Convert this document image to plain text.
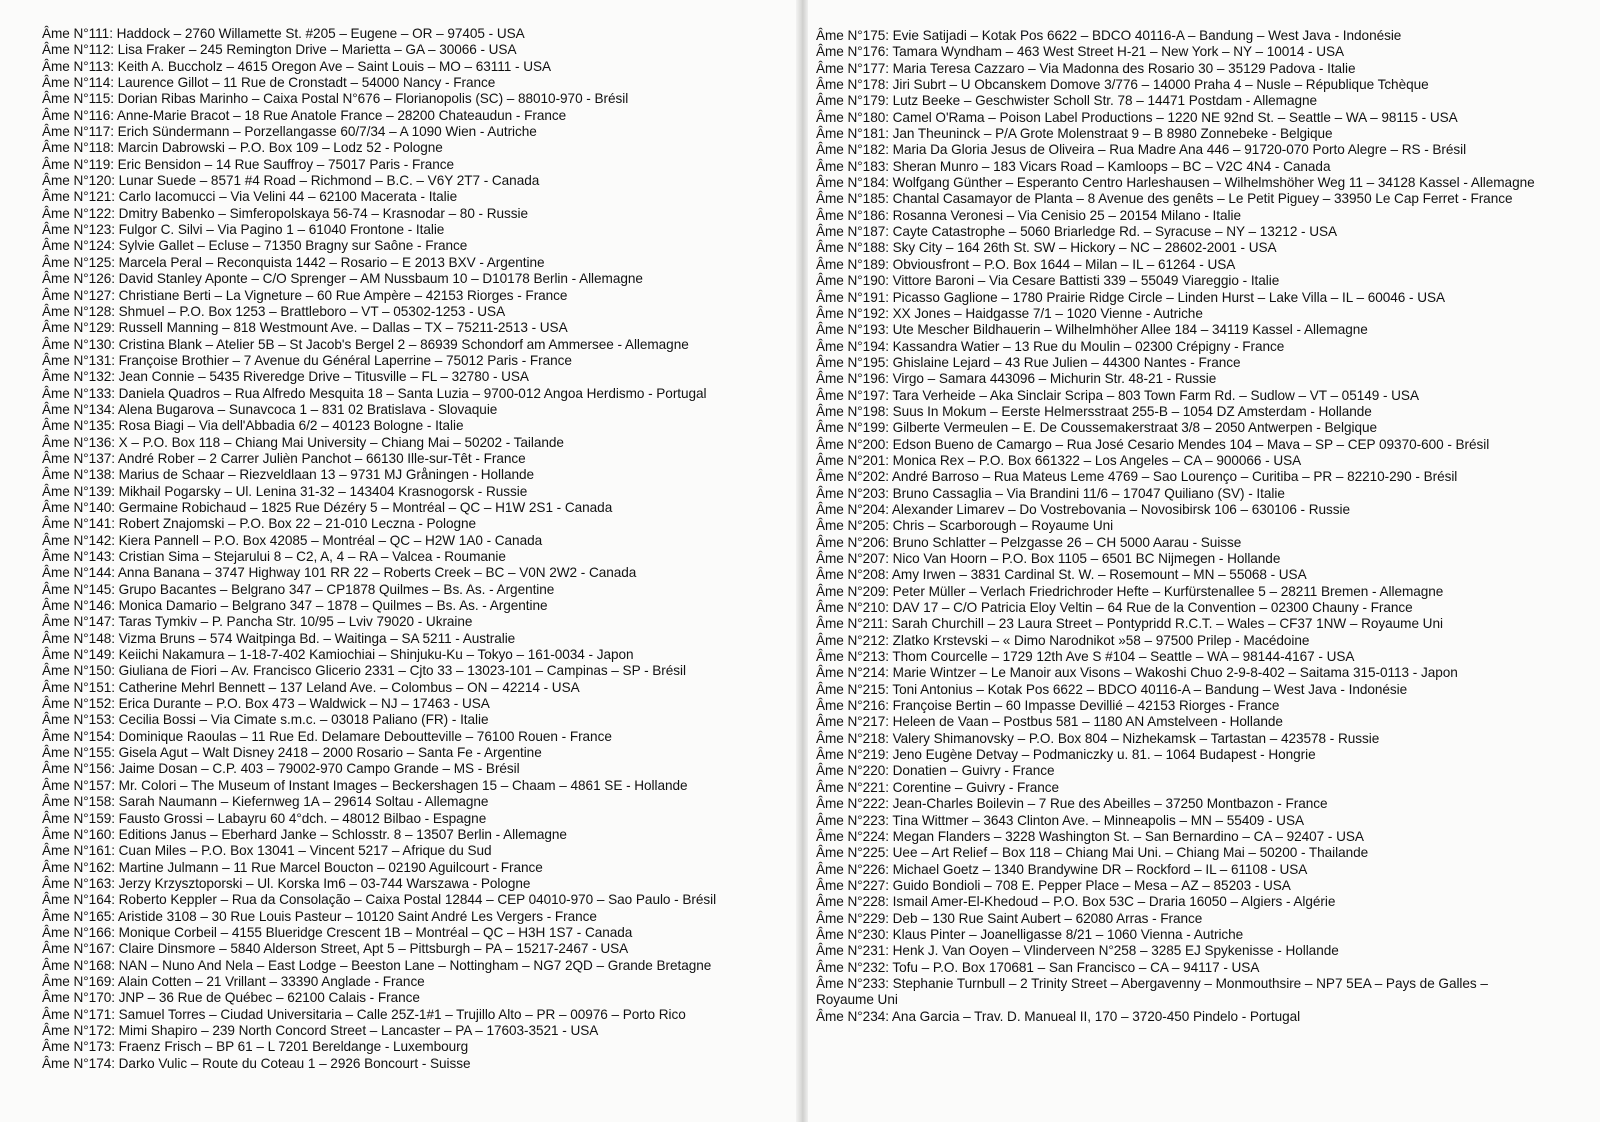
Âme N°111: Haddock – 2760 Willamette St. #205 – Eugene – OR – 97405 - USA
Âme N°112: Lisa Fraker – 245 Remington Drive – Marietta – GA – 30066 - USA
Âme N°113: Keith A. Buccholz – 4615 Oregon Ave – Saint Louis – MO – 63111 - USA
Âme N°114: Laurence Gillot – 11 Rue de Cronstadt – 54000 Nancy - France
Âme N°115: Dorian Ribas Marinho – Caixa Postal N°676 – Florianopolis (SC) – 88010-970 - Brésil
Âme N°116: Anne-Marie Bracot – 18 Rue Anatole France – 28200 Chateaudun - France
Âme N°117: Erich Sündermann – Porzellangasse 60/7/34 – A 1090 Wien - Autriche
Âme N°118: Marcin Dabrowski – P.O. Box 109 – Lodz 52 - Pologne
Âme N°119: Eric Bensidon – 14 Rue Sauffroy – 75017 Paris - France
Âme N°120: Lunar Suede – 8571 #4 Road – Richmond – B.C. – V6Y 2T7 - Canada
Âme N°121: Carlo Iacomucci – Via Velini 44 – 62100 Macerata - Italie
Âme N°122: Dmitry Babenko – Simferopolskaya 56-74 – Krasnodar – 80 - Russie
Âme N°123: Fulgor C. Silvi – Via Pagino 1 – 61040 Frontone - Italie
Âme N°124: Sylvie Gallet – Ecluse – 71350 Bragny sur Saône - France
Âme N°125: Marcela Peral – Reconquista 1442 – Rosario – E 2013 BXV - Argentine
Âme N°126: David Stanley Aponte – C/O Sprenger – AM Nussbaum 10 – D10178 Berlin - Allemagne
Âme N°127: Christiane Berti – La Vigneture – 60 Rue Ampère – 42153 Riorges - France
Âme N°128: Shmuel – P.O. Box 1253 – Brattleboro – VT – 05302-1253 - USA
Âme N°129: Russell Manning – 818 Westmount Ave. – Dallas – TX – 75211-2513 - USA
Âme N°130: Cristina Blank – Atelier 5B – St Jacob's Bergel 2 – 86939 Schondorf am Ammersee - Allemagne
Âme N°131: Françoise Brothier – 7 Avenue du Général Laperrine – 75012 Paris - France
Âme N°132: Jean Connie – 5435 Riveredge Drive – Titusville – FL – 32780 - USA
Âme N°133: Daniela Quadros – Rua Alfredo Mesquita 18 – Santa Luzia – 9700-012 Angoa Herdismo - Portugal
Âme N°134: Alena Bugarova – Sunavcoca 1 – 831 02 Bratislava - Slovaquie
Âme N°135: Rosa Biagi – Via dell'Abbadia 6/2 – 40123 Bologne - Italie
Âme N°136: X – P.O. Box 118 – Chiang Mai University – Chiang Mai – 50202 - Tailande
Âme N°137: André Rober – 2 Carrer Julièn Panchot – 66130 Ille-sur-Têt - France
Âme N°138: Marius de Schaar – Riezveldlaan 13 – 9731 MJ Gråningen - Hollande
Âme N°139: Mikhail Pogarsky – Ul. Lenina 31-32 – 143404 Krasnogorsk - Russie
Âme N°140: Germaine Robichaud – 1825 Rue Dézéry 5 – Montréal – QC – H1W 2S1 - Canada
Âme N°141: Robert Znajomski – P.O. Box 22 – 21-010 Leczna - Pologne
Âme N°142: Kiera Pannell – P.O. Box 42085 – Montréal – QC – H2W 1A0 - Canada
Âme N°143: Cristian Sima – Stejarului 8 – C2, A, 4 – RA – Valcea - Roumanie
Âme N°144: Anna Banana – 3747 Highway 101 RR 22 – Roberts Creek – BC – V0N 2W2 - Canada
Âme N°145: Grupo Bacantes – Belgrano 347 – CP1878 Quilmes – Bs. As. - Argentine
Âme N°146: Monica Damario – Belgrano 347 – 1878 – Quilmes – Bs. As. - Argentine
Âme N°147: Taras Tymkiv – P. Pancha Str. 10/95 – Lviv 79020 - Ukraine
Âme N°148: Vizma Bruns – 574 Waitpinga Bd. – Waitinga – SA 5211 - Australie
Âme N°149: Keiichi Nakamura – 1-18-7-402 Kamiochiai – Shinjuku-Ku – Tokyo – 161-0034 - Japon
Âme N°150: Giuliana de Fiori – Av. Francisco Glicerio 2331 – Cjto 33 – 13023-101 – Campinas – SP - Brésil
Âme N°151: Catherine Mehrl Bennett – 137 Leland Ave. – Colombus – ON – 42214 - USA
Âme N°152: Erica Durante – P.O. Box 473 – Waldwick – NJ – 17463 - USA
Âme N°153: Cecilia Bossi – Via Cimate s.m.c. – 03018 Paliano (FR) - Italie
Âme N°154: Dominique Raoulas – 11 Rue Ed. Delamare Deboutteville – 76100 Rouen - France
Âme N°155: Gisela Agut – Walt Disney 2418 – 2000 Rosario – Santa Fe - Argentine
Âme N°156: Jaime Dosan – C.P. 403 – 79002-970 Campo Grande – MS - Brésil
Âme N°157: Mr. Colori – The Museum of Instant Images – Beckershagen 15 – Chaam – 4861 SE - Hollande
Âme N°158: Sarah Naumann – Kiefernweg 1A – 29614 Soltau - Allemagne
Âme N°159: Fausto Grossi – Labayru 60 4°dch. – 48012 Bilbao - Espagne
Âme N°160: Editions Janus – Eberhard Janke – Schlosstr. 8 – 13507 Berlin - Allemagne
Âme N°161: Cuan Miles – P.O. Box 13041 – Vincent 5217 – Afrique du Sud
Âme N°162: Martine Julmann – 11 Rue Marcel Boucton – 02190 Aguilcourt - France
Âme N°163: Jerzy Krzysztoporski – Ul. Korska Im6 – 03-744 Warszawa - Pologne
Âme N°164: Roberto Keppler – Rua da Consolação – Caixa Postal 12844 – CEP 04010-970 – Sao Paulo - Brésil
Âme N°165: Aristide 3108 – 30 Rue Louis Pasteur – 10120 Saint André Les Vergers - France
Âme N°166: Monique Corbeil – 4155 Blueridge Crescent 1B – Montréal – QC – H3H 1S7 - Canada
Âme N°167: Claire Dinsmore – 5840 Alderson Street, Apt 5 – Pittsburgh – PA – 15217-2467 - USA
Âme N°168: NAN – Nuno And Nela – East Lodge – Beeston Lane – Nottingham – NG7 2QD – Grande Bretagne
Âme N°169: Alain Cotten – 21 Vrillant – 33390 Anglade - France
Âme N°170: JNP – 36 Rue de Québec – 62100 Calais - France
Âme N°171: Samuel Torres – Ciudad Universitaria – Calle 25Z-1#1 – Trujillo Alto – PR – 00976 – Porto Rico
Âme N°172: Mimi Shapiro – 239 North Concord Street – Lancaster – PA – 17603-3521 - USA
Âme N°173: Fraenz Frisch – BP 61 – L 7201 Bereldange - Luxembourg
Âme N°174: Darko Vulic – Route du Coteau 1 – 2926 Boncourt - Suisse
Âme N°175: Evie Satijadi – Kotak Pos 6622 – BDCO 40116-A – Bandung – West Java - Indonésie
Âme N°176: Tamara Wyndham – 463 West Street H-21 – New York – NY – 10014 - USA
Âme N°177: Maria Teresa Cazzaro – Via Madonna des Rosario 30 – 35129 Padova - Italie
Âme N°178: Jiri Subrt – U Obcanskem Domove 3/776 – 14000 Praha 4 – Nusle – République Tchèque
Âme N°179: Lutz Beeke – Geschwister Scholl Str. 78 – 14471 Postdam - Allemagne
Âme N°180: Camel O'Rama – Poison Label Productions – 1220 NE 92nd St. – Seattle – WA – 98115 - USA
Âme N°181: Jan Theuninck – P/A Grote Molenstraat 9 – B 8980 Zonnebeke - Belgique
Âme N°182: Maria Da Gloria Jesus de Oliveira – Rua Madre Ana 446 – 91720-070 Porto Alegre – RS - Brésil
Âme N°183: Sheran Munro – 183 Vicars Road – Kamloops – BC – V2C 4N4 - Canada
Âme N°184: Wolfgang Günther – Esperanto Centro Harleshausen – Wilhelmshöher Weg 11 – 34128 Kassel - Allemagne
Âme N°185: Chantal Casamayor de Planta – 8 Avenue des genêts – Le Petit Piguey – 33950 Le Cap Ferret - France
Âme N°186: Rosanna Veronesi – Via Cenisio 25 – 20154 Milano - Italie
Âme N°187: Cayte Catastrophe – 5060 Briarledge Rd. – Syracuse – NY – 13212 - USA
Âme N°188: Sky City – 164 26th St. SW – Hickory – NC – 28602-2001 - USA
Âme N°189: Obviousfront – P.O. Box 1644 – Milan – IL – 61264 - USA
Âme N°190: Vittore Baroni – Via Cesare Battisti 339 – 55049 Viareggio - Italie
Âme N°191: Picasso Gaglione – 1780 Prairie Ridge Circle – Linden Hurst – Lake Villa – IL – 60046 - USA
Âme N°192: XX Jones – Haidgasse 7/1 – 1020 Vienne - Autriche
Âme N°193: Ute Mescher Bildhauerin – Wilhelmhöher Allee 184 – 34119 Kassel - Allemagne
Âme N°194: Kassandra Watier – 13 Rue du Moulin – 02300 Crépigny - France
Âme N°195: Ghislaine Lejard – 43 Rue Julien – 44300 Nantes - France
Âme N°196: Virgo – Samara 443096 – Michurin Str. 48-21 - Russie
Âme N°197: Tara Verheide – Aka Sinclair Scripa – 803 Town Farm Rd. – Sudlow – VT – 05149 - USA
Âme N°198: Suus In Mokum – Eerste Helmersstraat 255-B – 1054 DZ Amsterdam - Hollande
Âme N°199: Gilberte Vermeulen – E. De Coussemakerstraat 3/8 – 2050 Antwerpen - Belgique
Âme N°200: Edson Bueno de Camargo – Rua José Cesario Mendes 104 – Mava – SP – CEP 09370-600 - Brésil
Âme N°201: Monica Rex – P.O. Box 661322 – Los Angeles – CA – 900066 - USA
Âme N°202: André Barroso – Rua Mateus Leme 4769 – Sao Lourenço – Curitiba – PR – 82210-290 - Brésil
Âme N°203: Bruno Cassaglia – Via Brandini 11/6 – 17047 Quiliano (SV) - Italie
Âme N°204: Alexander Limarev – Do Vostrebovania – Novosibirsk 106 – 630106 - Russie
Âme N°205: Chris – Scarborough – Royaume Uni
Âme N°206: Bruno Schlatter – Pelzgasse 26 – CH 5000 Aarau - Suisse
Âme N°207: Nico Van Hoorn – P.O. Box 1105 – 6501 BC Nijmegen - Hollande
Âme N°208: Amy Irwen – 3831 Cardinal St. W. – Rosemount – MN – 55068 - USA
Âme N°209: Peter Müller – Verlach Friedrichroder Hefte – Kurfürstenallee 5 – 28211 Bremen - Allemagne
Âme N°210: DAV 17 – C/O Patricia Eloy Veltin – 64 Rue de la Convention – 02300 Chauny - France
Âme N°211: Sarah Churchill – 23 Laura Street – Pontypridd R.C.T. – Wales – CF37 1NW – Royaume Uni
Âme N°212: Zlatko Krstevski – « Dimo Narodnikot »58 – 97500 Prilep - Macédoine
Âme N°213: Thom Courcelle – 1729 12th Ave S #104 – Seattle – WA – 98144-4167 - USA
Âme N°214: Marie Wintzer – Le Manoir aux Visons – Wakoshi Chuo 2-9-8-402 – Saitama 315-0113 - Japon
Âme N°215: Toni Antonius – Kotak Pos 6622 – BDCO 40116-A – Bandung – West Java - Indonésie
Âme N°216: Françoise Bertin – 60 Impasse Devillié – 42153 Riorges - France
Âme N°217: Heleen de Vaan – Postbus 581 – 1180 AN Amstelveen - Hollande
Âme N°218: Valery Shimanovsky – P.O. Box 804 – Nizhekamsk – Tartastan – 423578 - Russie
Âme N°219: Jeno Eugène Detvay – Podmaniczky u. 81. – 1064 Budapest - Hongrie
Âme N°220: Donatien – Guivry - France
Âme N°221: Corentine – Guivry - France
Âme N°222: Jean-Charles Boilevin – 7 Rue des Abeilles – 37250 Montbazon - France
Âme N°223: Tina Wittmer – 3643 Clinton Ave. – Minneapolis – MN – 55409 - USA
Âme N°224: Megan Flanders – 3228 Washington St. – San Bernardino – CA – 92407 - USA
Âme N°225: Uee – Art Relief – Box 118 – Chiang Mai Uni. – Chiang Mai – 50200 - Thailande
Âme N°226: Michael Goetz – 1340 Brandywine DR – Rockford – IL – 61108 - USA
Âme N°227: Guido Bondioli – 708 E. Pepper Place – Mesa – AZ – 85203 - USA
Âme N°228: Ismail Amer-El-Khedoud – P.O. Box 53C – Draria 16050 – Algiers - Algérie
Âme N°229: Deb – 130 Rue Saint Aubert – 62080 Arras - France
Âme N°230: Klaus Pinter – Joanelligasse 8/21 – 1060 Vienna - Autriche
Âme N°231: Henk J. Van Ooyen – Vlinderveen N°258 – 3285 EJ Spykenisse - Hollande
Âme N°232: Tofu – P.O. Box 170681 – San Francisco – CA – 94117 - USA
Âme N°233: Stephanie Turnbull – 2 Trinity Street – Abergavenny – Monmouthsire – NP7 5EA – Pays de Galles – Royaume Uni
Âme N°234: Ana Garcia – Trav. D. Manueal II, 170 – 3720-450 Pindelo - Portugal
